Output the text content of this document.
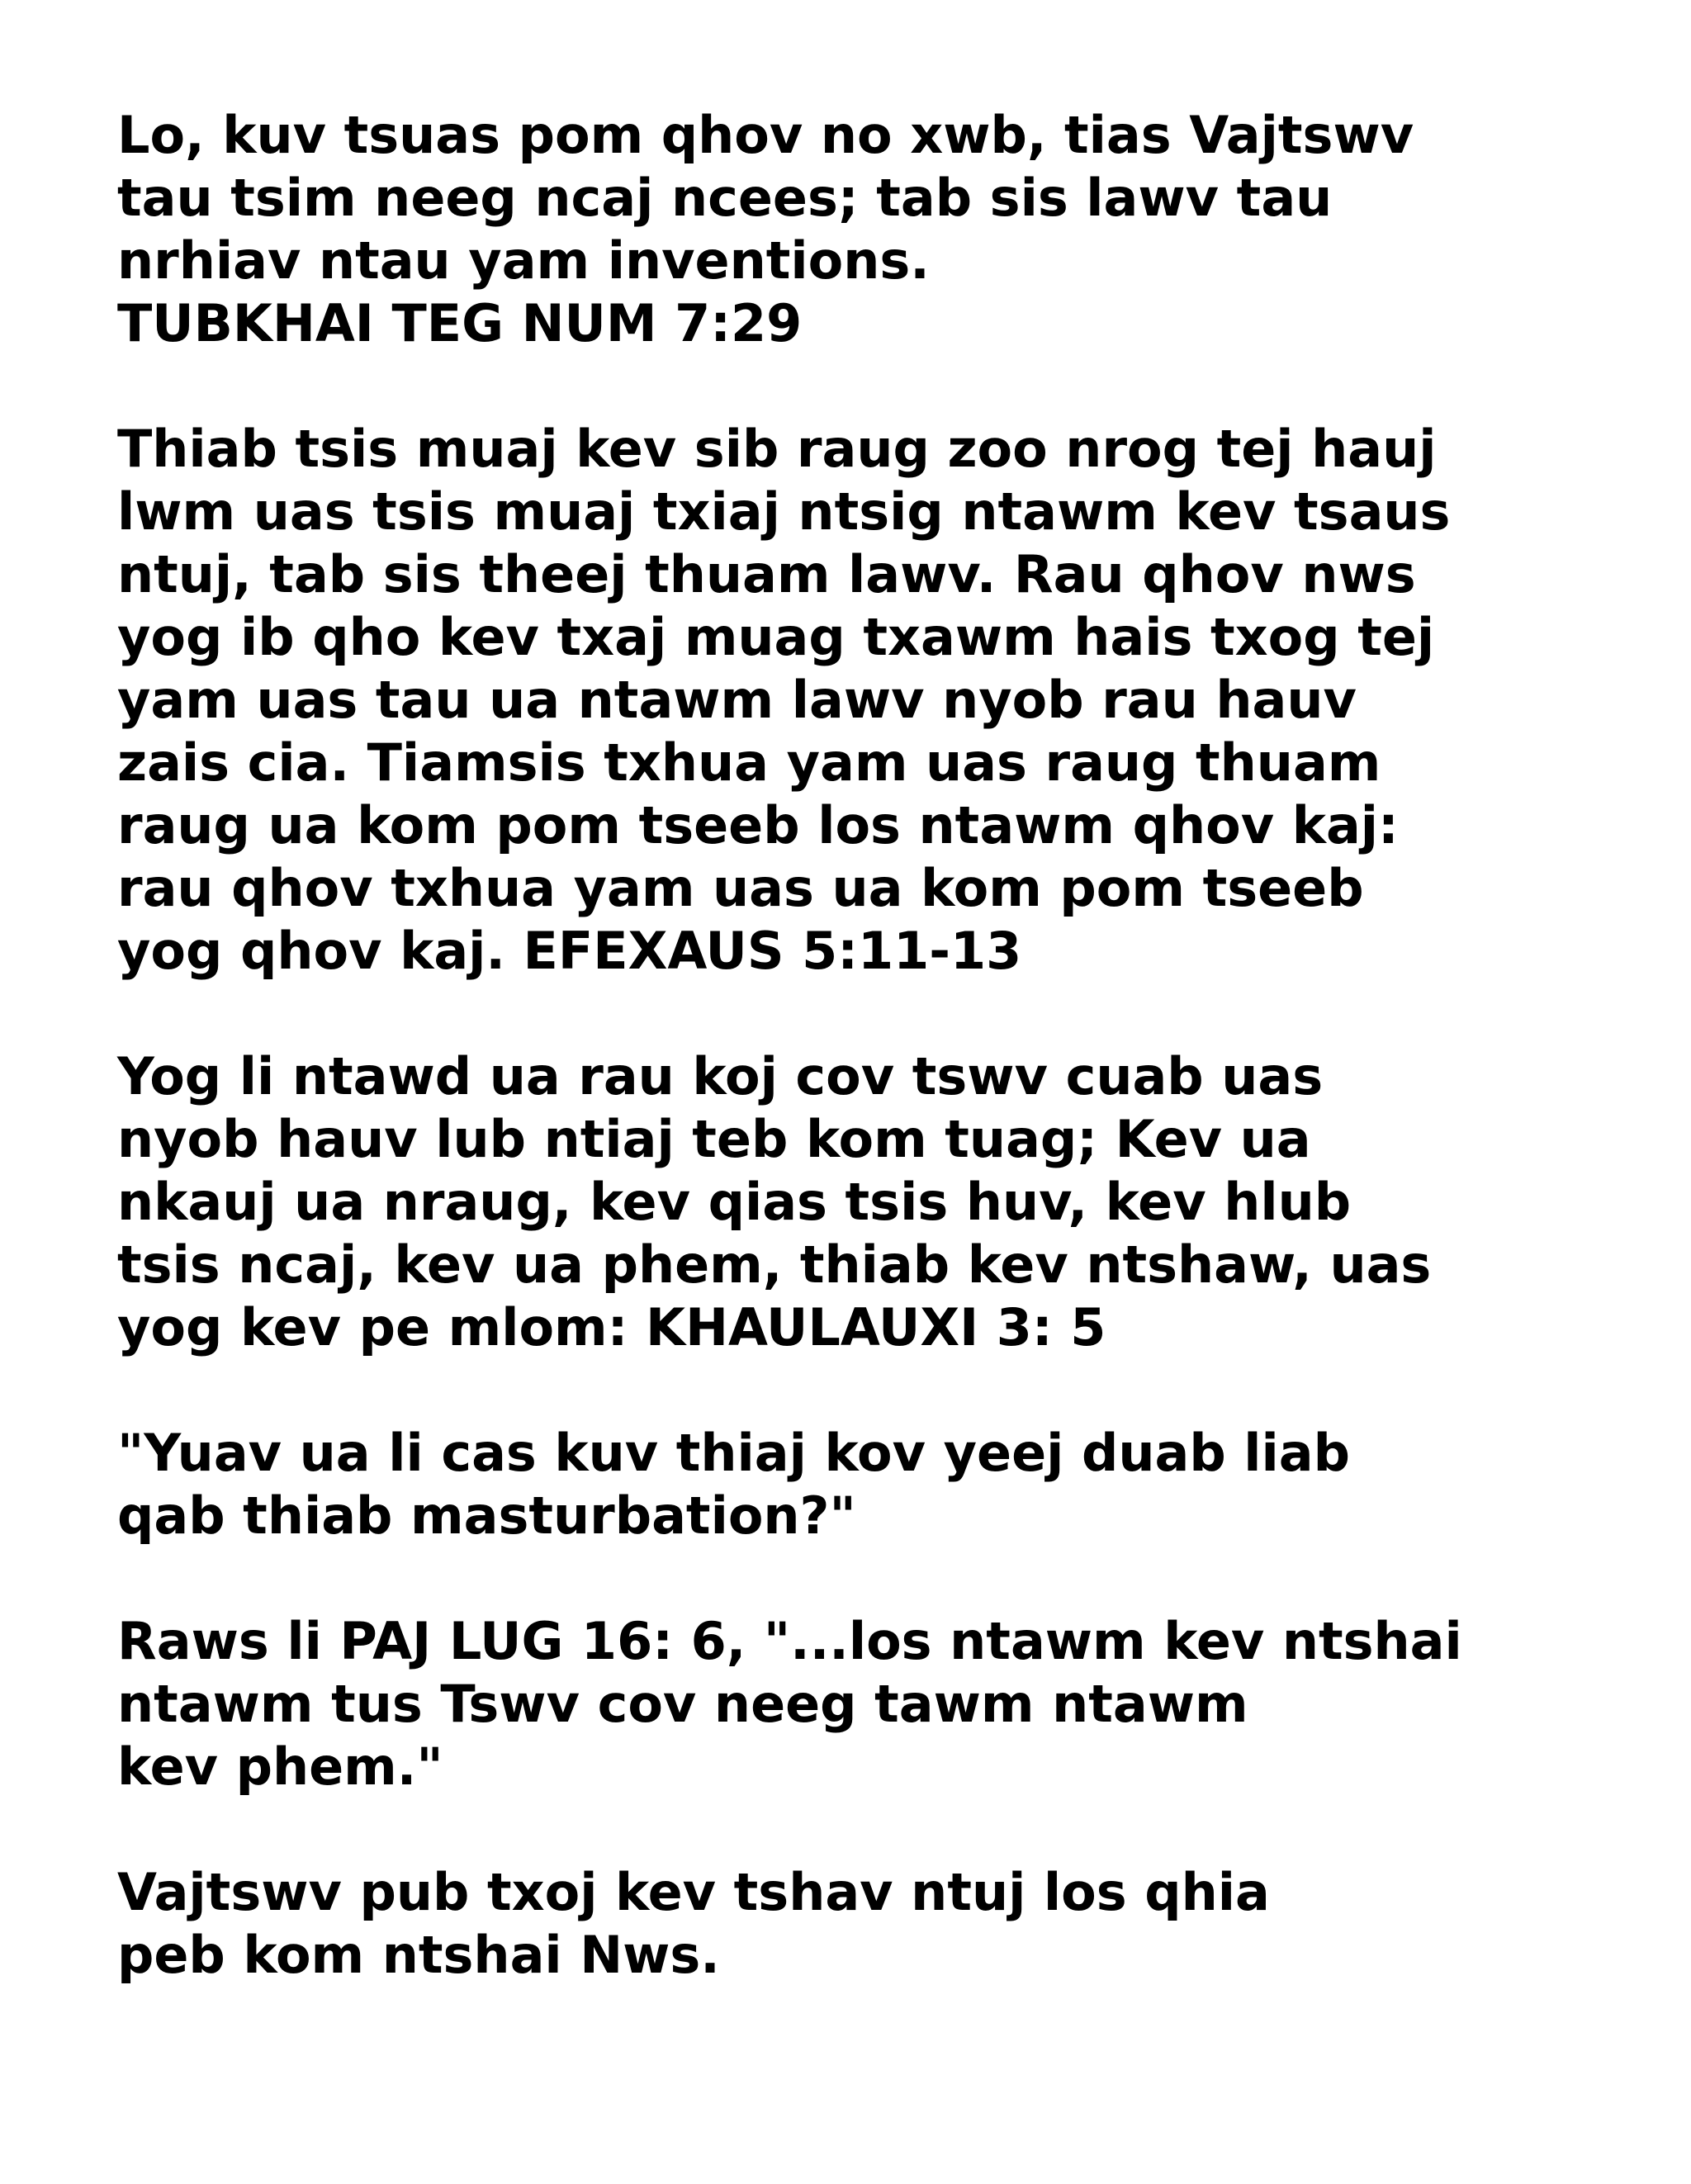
Lo, kuv tsuas pom qhov no xwb, tias Vajtswv
tau tsim neeg ncaj ncees; tab sis lawv tau
nrhiav ntau yam inventions.
TUBKHAI TEG NUM 7:29

Thiab tsis muaj kev sib raug zoo nrog tej hauj
lwm uas tsis muaj txiaj ntsig ntawm kev tsaus
ntuj, tab sis theej thuam lawv. Rau qhov nws
yog ib qho kev txaj muag txawm hais txog tej
yam uas tau ua ntawm lawv nyob rau hauv
zais cia. Tiamsis txhua yam uas raug thuam
raug ua kom pom tseeb los ntawm qhov kaj:
rau qhov txhua yam uas ua kom pom tseeb
yog qhov kaj. EFEXAUS 5:11-13

Yog li ntawd ua rau koj cov tswv cuab uas
nyob hauv lub ntiaj teb kom tuag; Kev ua
nkauj ua nraug, kev qias tsis huv, kev hlub
tsis ncaj, kev ua phem, thiab kev ntshaw, uas
yog kev pe mlom: KHAULAUXI 3: 5

"Yuav ua li cas kuv thiaj kov yeej duab liab
qab thiab masturbation?"

Raws li PAJ LUG 16: 6, "...los ntawm kev ntshai
ntawm tus Tswv cov neeg tawm ntawm
kev phem."

Vajtswv pub txoj kev tshav ntuj los qhia
peb kom ntshai Nws.
